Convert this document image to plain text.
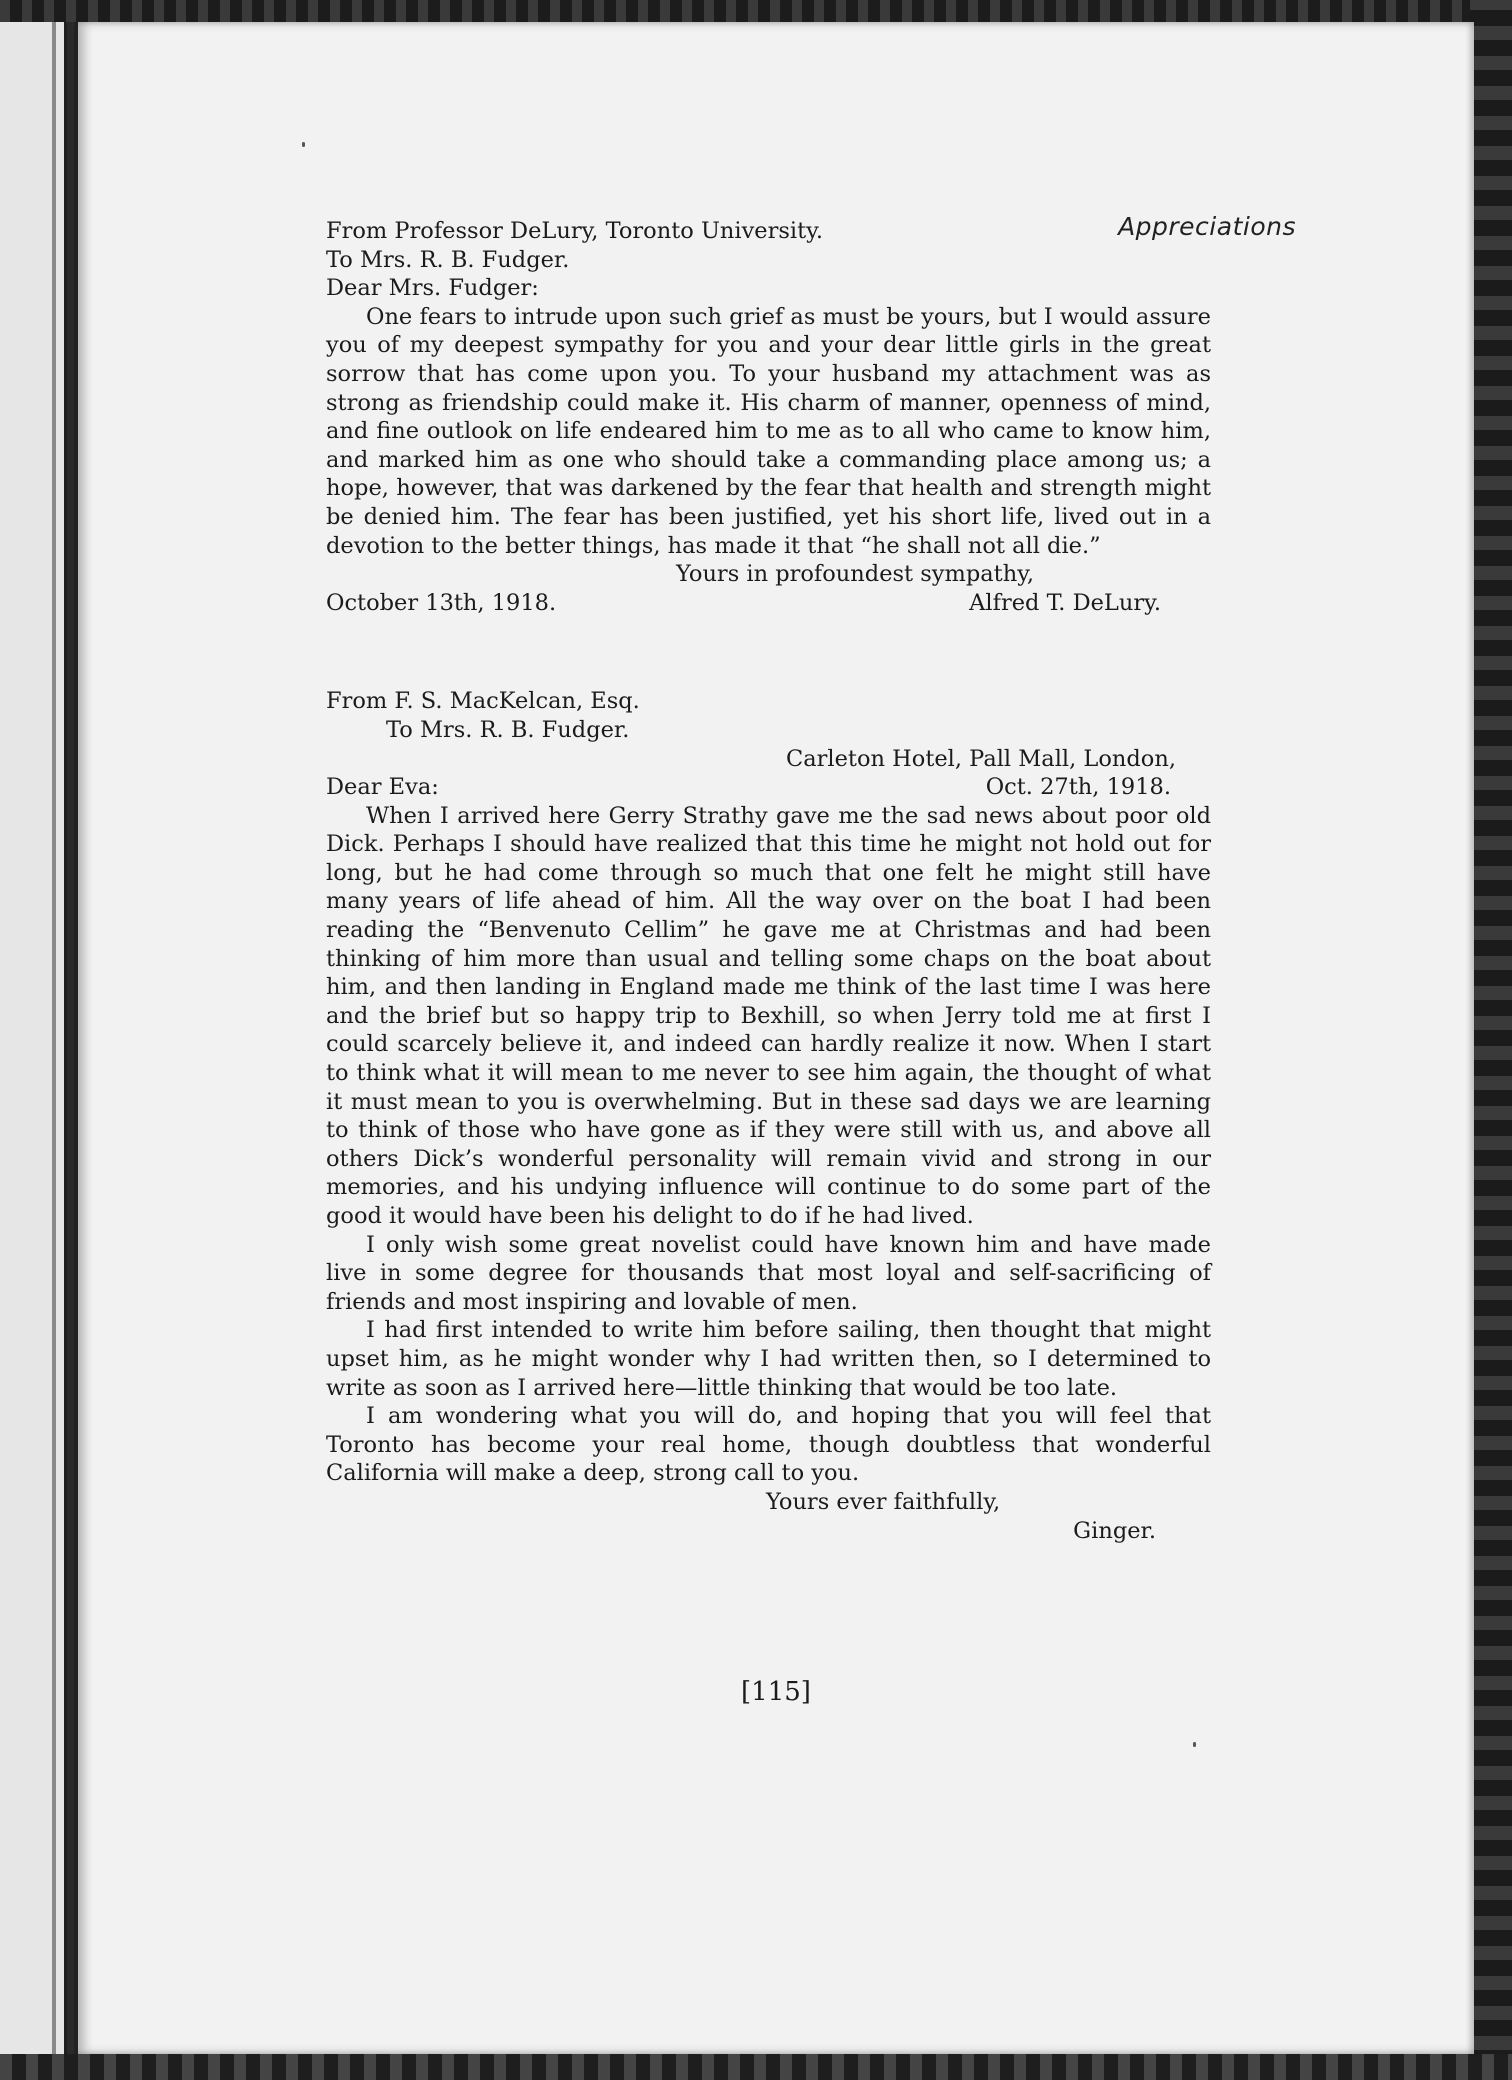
Appreciations

From Professor DeLury, Toronto University.

To Mrs. R. B. Fudger.

Dear Mrs. Fudger:

One fears to intrude upon such grief as must be yours, but I would assure you of my deepest sympathy for you and your dear little girls in the great sorrow that has come upon you. To your husband my attachment was as strong as friendship could make it. His charm of manner, openness of mind, and fine outlook on life endeared him to me as to all who came to know him, and marked him as one who should take a commanding place among us; a hope, however, that was darkened by the fear that health and strength might be denied him. The fear has been justified, yet his short life, lived out in a devotion to the better things, has made it that “he shall not all die.”

Yours in profoundest sympathy,

October 13th, 1918.	Alfred T. DeLury.

From F. S. MacKelcan, Esq.

To Mrs. R. B. Fudger.

Carleton Hotel, Pall Mall, London,
Dear Eva:	Oct. 27th, 1918.

When I arrived here Gerry Strathy gave me the sad news about poor old Dick. Perhaps I should have realized that this time he might not hold out for long, but he had come through so much that one felt he might still have many years of life ahead of him. All the way over on the boat I had been reading the “Benvenuto Cellim” he gave me at Christmas and had been thinking of him more than usual and telling some chaps on the boat about him, and then landing in England made me think of the last time I was here and the brief but so happy trip to Bexhill, so when Jerry told me at first I could scarcely believe it, and indeed can hardly realize it now. When I start to think what it will mean to me never to see him again, the thought of what it must mean to you is overwhelming. But in these sad days we are learning to think of those who have gone as if they were still with us, and above all others Dick’s wonderful personality will remain vivid and strong in our memories, and his undying influence will continue to do some part of the good it would have been his delight to do if he had lived.

I only wish some great novelist could have known him and have made live in some degree for thousands that most loyal and self-sacrificing of friends and most inspiring and lovable of men.

I had first intended to write him before sailing, then thought that might upset him, as he might wonder why I had written then, so I determined to write as soon as I arrived here—little thinking that would be too late.

I am wondering what you will do, and hoping that you will feel that Toronto has become your real home, though doubtless that wonderful California will make a deep, strong call to you.

Yours ever faithfully,

Ginger.

[115]
